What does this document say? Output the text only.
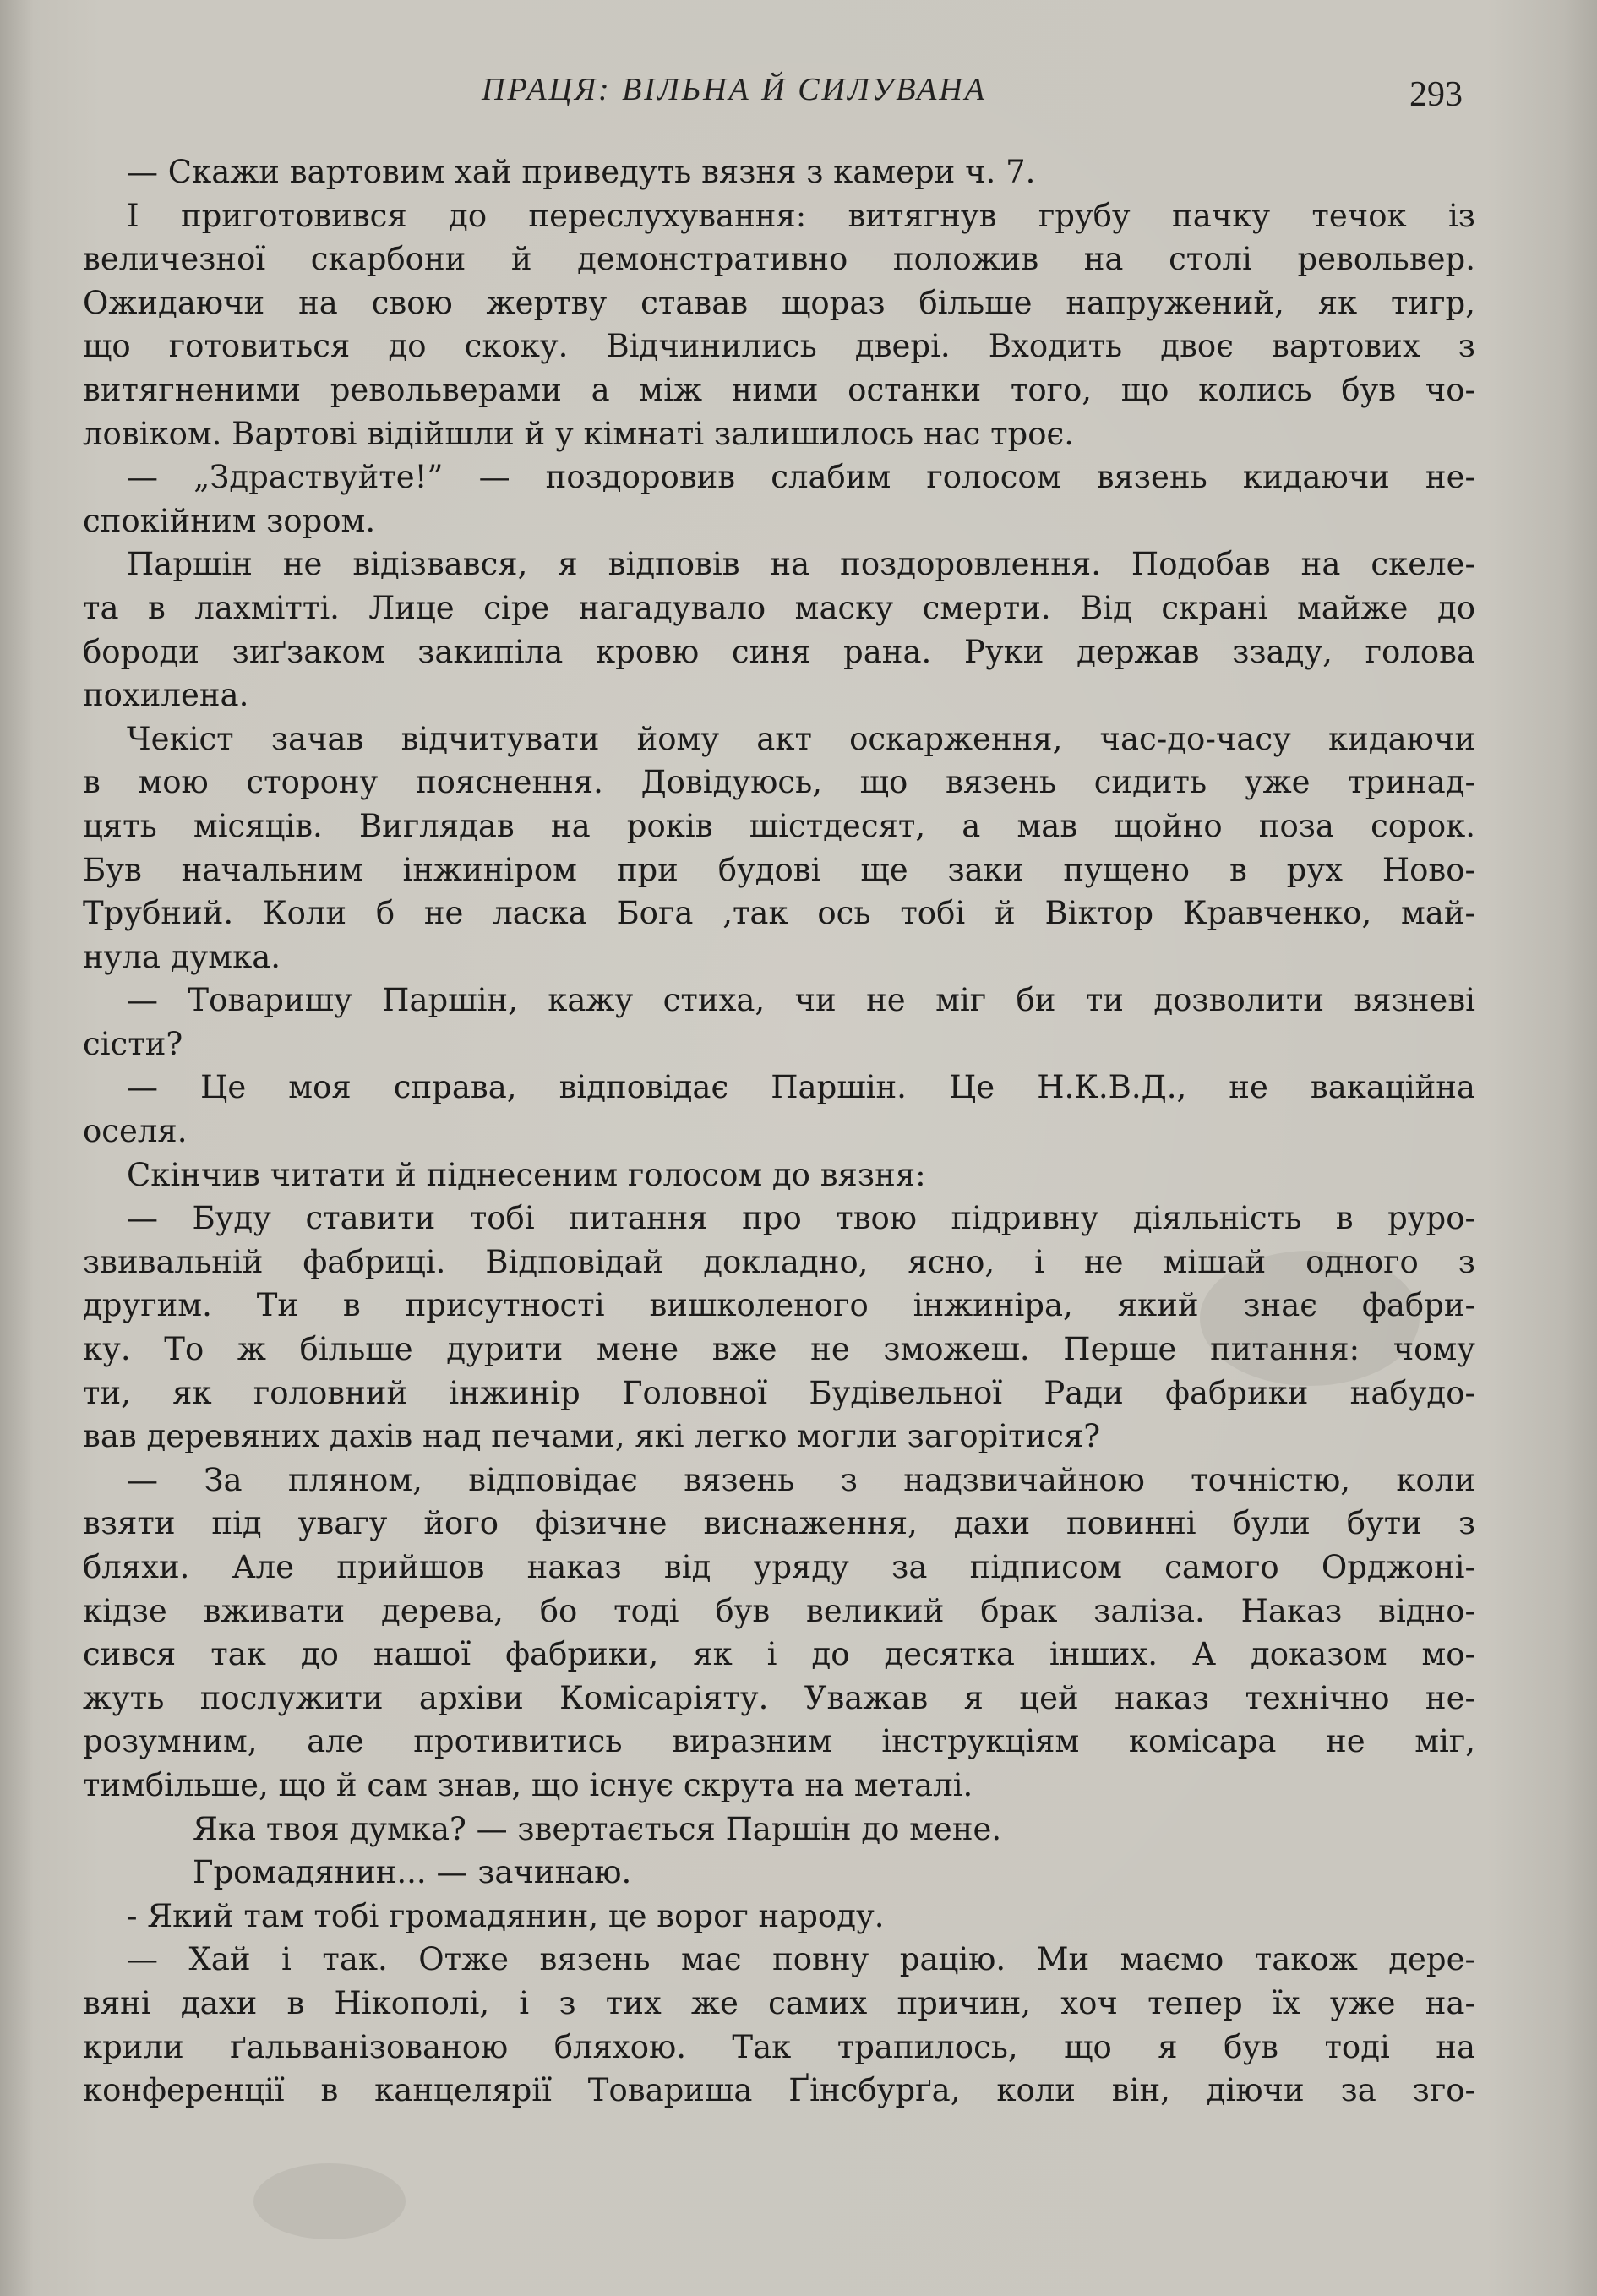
ПРАЦЯ: ВІЛЬНА Й СИЛУВАНА	293
— Скажи вартовим хай приведуть вязня з камери ч. 7.
І приготовився до переслухування: витягнув грубу пачку течок із
величезної скарбони й демонстративно положив на столі револьвер.
Ожидаючи на свою жертву ставав щораз більше напружений, як тигр,
що готовиться до скоку. Відчинились двері. Входить двоє вартових з
витягненими револьверами а між ними останки того, що колись був чо-
ловіком. Вартові відійшли й у кімнаті залишилось нас троє.
— „Здраствуйте!” — поздоровив слабим голосом вязень кидаючи не-
спокійним зором.
Паршін не відізвався, я відповів на поздоровлення. Подобав на скеле-
та в лахмітті. Лице сіре нагадувало маску смерти. Від скрані майже до
бороди зиґзаком закипіла кровю синя рана. Руки держав ззаду, голова
похилена.
Чекіст зачав відчитувати йому акт оскарження, час-до-часу кидаючи
в мою сторону пояснення. Довідуюсь, що вязень сидить уже тринад-
цять місяців. Виглядав на років шістдесят, а мав щойно поза сорок.
Був начальним інжиніром при будові ще заки пущено в рух Ново-
Трубний. Коли б не ласка Бога ,так ось тобі й Віктор Кравченко, май-
нула думка.
— Товаришу Паршін, кажу стиха, чи не міг би ти дозволити вязневі
сісти?
— Це моя справа, відповідає Паршін. Це Н.К.В.Д., не вакаційна
оселя.
Скінчив читати й піднесеним голосом до вязня:
— Буду ставити тобі питання про твою підривну діяльність в руро-
звивальній фабриці. Відповідай докладно, ясно, і не мішай одного з
другим. Ти в присутності вишколеного інжиніра, який знає фабри-
ку. То ж більше дурити мене вже не зможеш. Перше питання: чому
ти, як головний інжинір Головної Будівельної Ради фабрики набудо-
вав деревяних дахів над печами, які легко могли загорітися?
— За пляном, відповідає вязень з надзвичайною точністю, коли
взяти під увагу його фізичне виснаження, дахи повинні були бути з
бляхи. Але прийшов наказ від уряду за підписом самого Орджоні-
кідзе вживати дерева, бо тоді був великий брак заліза. Наказ відно-
сився так до нашої фабрики, як і до десятка інших. А доказом мо-
жуть послужити архіви Комісаріяту. Уважав я цей наказ технічно не-
розумним, але противитись виразним інструкціям комісара не міг,
тимбільше, що й сам знав, що існує скрута на металі.
Яка твоя думка? — звертається Паршін до мене.
Громадянин... — зачинаю.
- Який там тобі громадянин, це ворог народу.
— Хай і так. Отже вязень має повну рацію. Ми маємо також дере-
вяні дахи в Нікополі, і з тих же самих причин, хоч тепер їх уже на-
крили ґальванізованою бляхою. Так трапилось, що я був тоді на
конференції в канцелярії Товариша Ґінсбурґа, коли він, діючи за зго-
